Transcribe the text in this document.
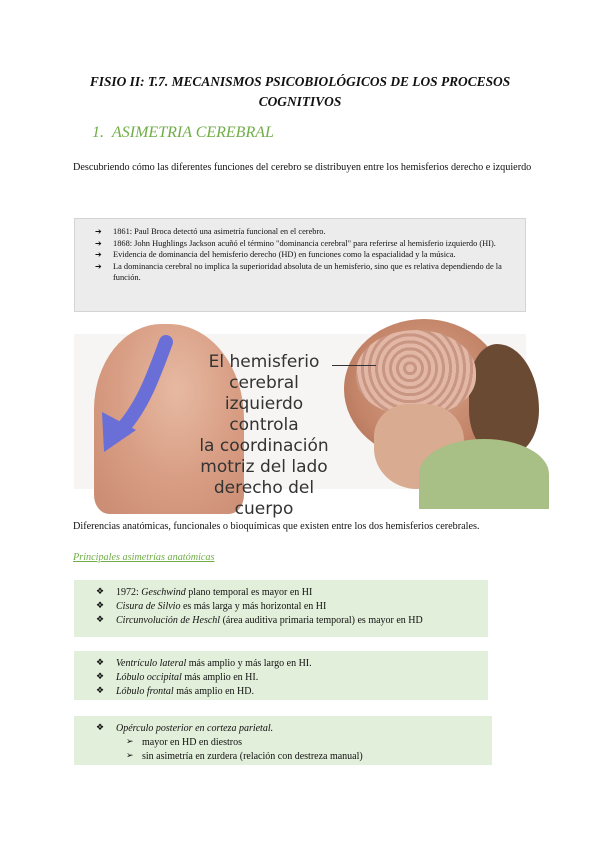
FISIO II: T.7. MECANISMOS PSICOBIOLÓGICOS DE LOS PROCESOS COGNITIVOS
1. ASIMETRIA CEREBRAL
Descubriendo cómo las diferentes funciones del cerebro se distribuyen entre los hemisferios derecho e izquierdo
➔ 1861: Paul Broca detectó una asimetría funcional en el cerebro.
➔ 1868: John Hughlings Jackson acuñó el término "dominancia cerebral" para referirse al hemisferio izquierdo (HI).
➔ Evidencia de dominancia del hemisferio derecho (HD) en funciones como la espacialidad y la música.
➔ La dominancia cerebral no implica la superioridad absoluta de un hemisferio, sino que es relativa dependiendo de la función.
El hemisferio
cerebral
izquierdo controla
la coordinación
motriz del lado
derecho del cuerpo
Diferencias anatómicas, funcionales o bioquímicas que existen entre los dos hemisferios cerebrales.
Principales asimetrías anatómicas
❖ 1972: Geschwind plano temporal es mayor en HI
❖ Cisura de Silvio es más larga y más horizontal en HI
❖ Circunvolución de Heschl (área auditiva primaria temporal) es mayor en HD
❖ Ventrículo lateral más amplio y más largo en HI.
❖ Lóbulo occipital más amplio en HI.
❖ Lóbulo frontal más amplio en HD.
❖ Opérculo posterior en corteza parietal.
➢ mayor en HD en diestros
➢ sin asimetría en zurdera (relación con destreza manual)
